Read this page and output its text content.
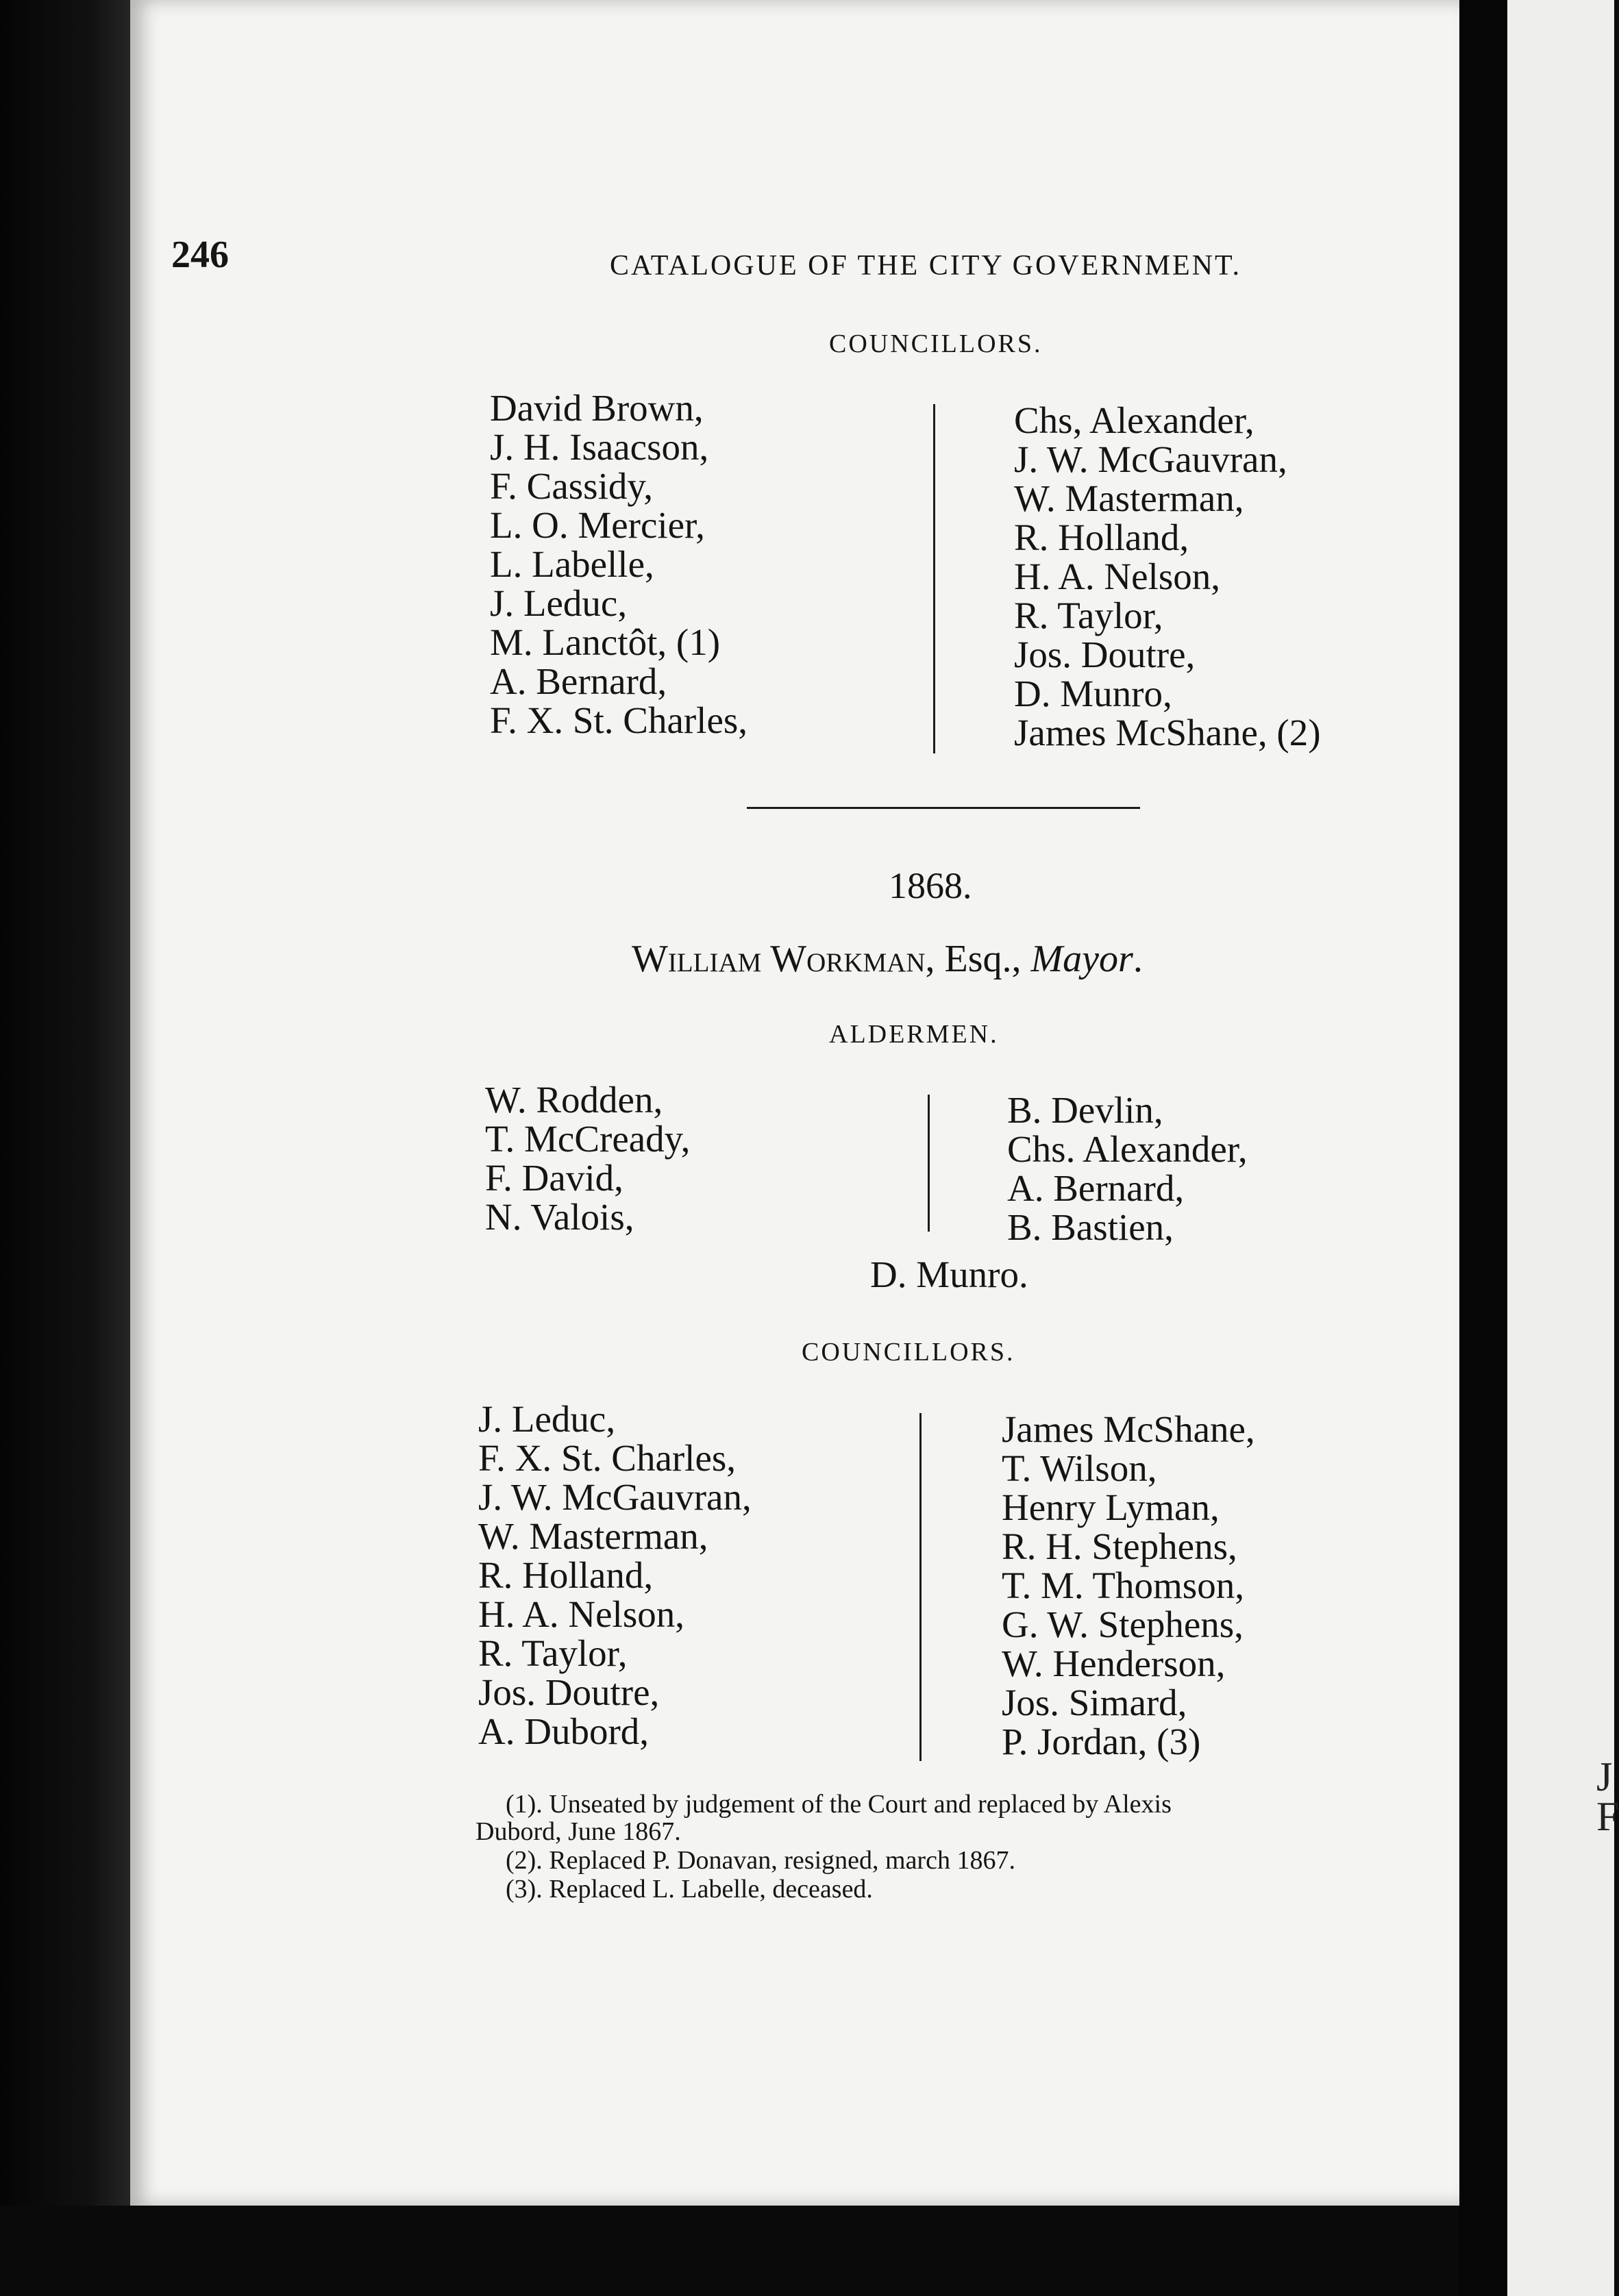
J
F
246	CATALOGUE OF THE CITY GOVERNMENT.
COUNCILLORS.
David Brown,
J. H. Isaacson,
F. Cassidy,
L. O. Mercier,
L. Labelle,
J. Leduc,
M. Lanctôt, (1)
A. Bernard,
F. X. St. Charles,
Chs, Alexander,
J. W. McGauvran,
W. Masterman,
R. Holland,
H. A. Nelson,
R. Taylor,
Jos. Doutre,
D. Munro,
James McShane, (2)
1868.
William Workman, Esq., Mayor.
ALDERMEN.
W. Rodden,
T. McCready,
F. David,
N. Valois,
B. Devlin,
Chs. Alexander,
A. Bernard,
B. Bastien,
D. Munro.
COUNCILLORS.
J. Leduc,
F. X. St. Charles,
J. W. McGauvran,
W. Masterman,
R. Holland,
H. A. Nelson,
R. Taylor,
Jos. Doutre,
A. Dubord,
James McShane,
T. Wilson,
Henry Lyman,
R. H. Stephens,
T. M. Thomson,
G. W. Stephens,
W. Henderson,
Jos. Simard,
P. Jordan, (3)
(1). Unseated by judgement of the Court and replaced by Alexis
Dubord, June 1867.
(2). Replaced P. Donavan, resigned, march 1867.
(3). Replaced L. Labelle, deceased.
